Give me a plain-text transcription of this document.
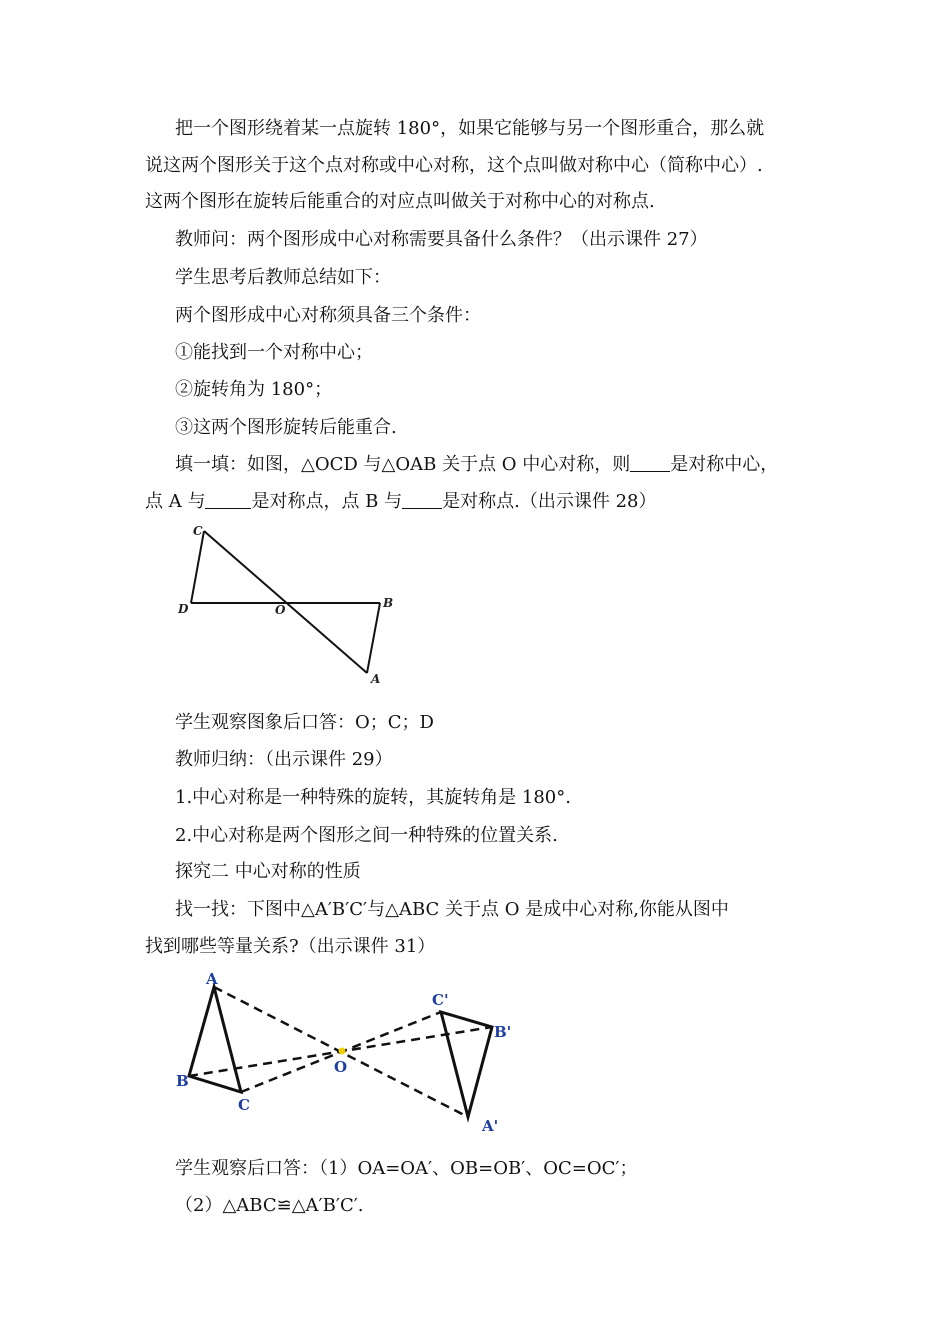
把一个图形绕着某一点旋转 180°，如果它能够与另一个图形重合，那么就
说这两个图形关于这个点对称或中心对称，这个点叫做对称中心（简称中心）.
这两个图形在旋转后能重合的对应点叫做关于对称中心的对称点.
教师问：两个图形成中心对称需要具备什么条件？（出示课件 27）
学生思考后教师总结如下：
两个图形成中心对称须具备三个条件：
①能找到一个对称中心；
②旋转角为 180°；
③这两个图形旋转后能重合.
填一填：如图，△OCD 与△OAB 关于点 O 中心对称，则 是对称中心，
点 A 与	是对称点，点 B 与 是对称点.（出示课件 28）
C
D	O	B
A
学生观察图象后口答：O；C；D
教师归纳：（出示课件 29）
1.中心对称是一种特殊的旋转，其旋转角是 180°.
2.中心对称是两个图形之间一种特殊的位置关系.
探究二 中心对称的性质
找一找：下图中△A′B′C′与△ABC 关于点 O 是成中心对称,你能从图中
找到哪些等量关系?（出示课件 31）
A
B
C
O
C'
B'
A'
学生观察后口答：（1）OA=OA′、OB=OB′、OC=OC′；
（2）△ABC≌△A′B′C′.
